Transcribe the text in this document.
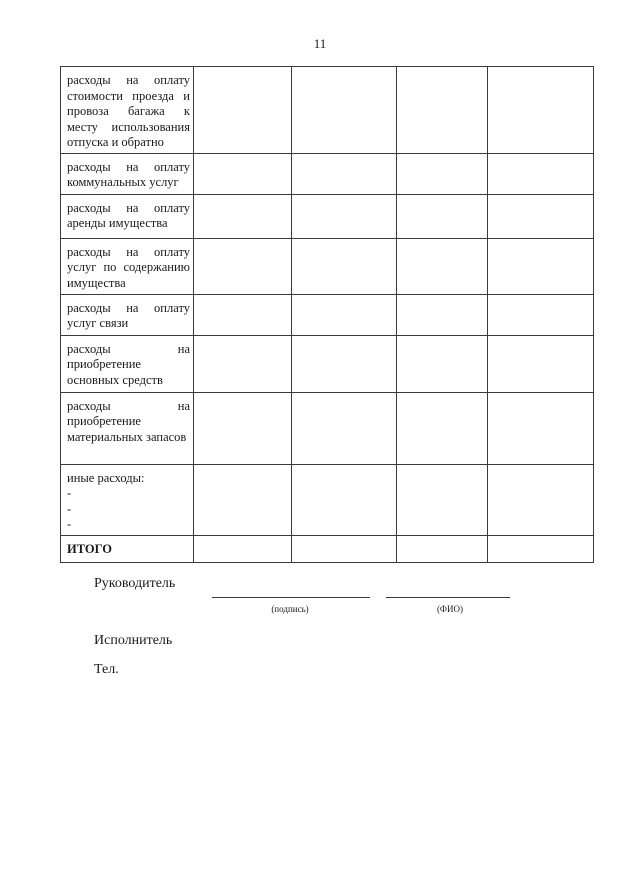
11
расходы на оплату стоимости проезда и провоза багажа к месту использования отпуска и обратно				
расходы на оплату коммунальных услуг				
расходы на оплату аренды имущества				
расходы на оплату услуг по содержанию имущества				
расходы на оплату услуг связи				
расходы на приобретение основных средств				
расходы на приобретение материальных запасов				

иные расходы:
-
-
-				

ИТОГО				
Руководитель
(подпись)	(ФИО)
Исполнитель
Тел.
